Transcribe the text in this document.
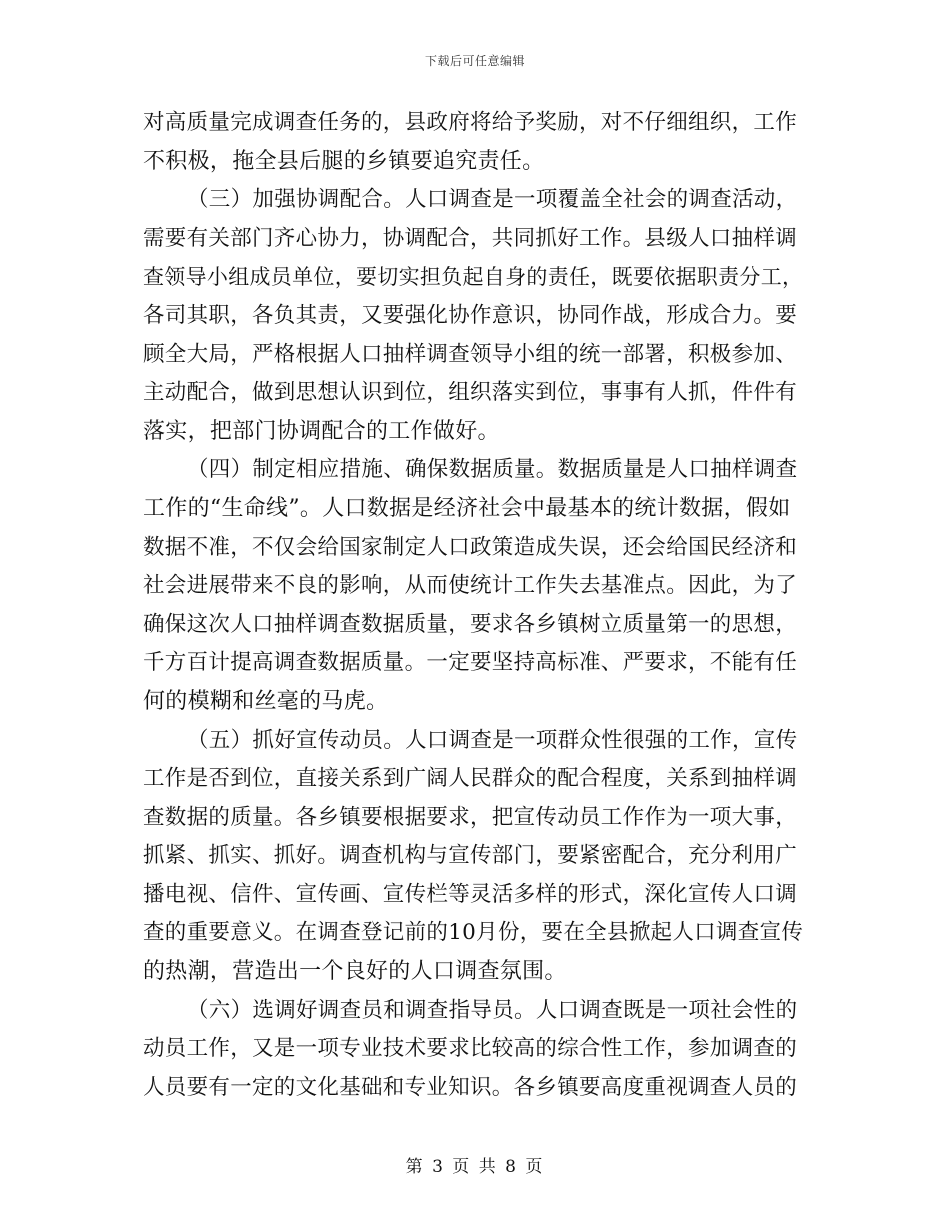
下载后可任意编辑
对高质量完成调查任务的，县政府将给予奖励，对不仔细组织，工作
不积极，拖全县后腿的乡镇要追究责任。
（三）加强协调配合。人口调查是一项覆盖全社会的调查活动，
需要有关部门齐心协力，协调配合，共同抓好工作。县级人口抽样调
查领导小组成员单位，要切实担负起自身的责任，既要依据职责分工，
各司其职，各负其责，又要强化协作意识，协同作战，形成合力。要
顾全大局，严格根据人口抽样调查领导小组的统一部署，积极参加、
主动配合，做到思想认识到位，组织落实到位，事事有人抓，件件有
落实，把部门协调配合的工作做好。
（四）制定相应措施、确保数据质量。数据质量是人口抽样调查
工作的“生命线”。人口数据是经济社会中最基本的统计数据，假如
数据不准，不仅会给国家制定人口政策造成失误，还会给国民经济和
社会进展带来不良的影响，从而使统计工作失去基准点。因此，为了
确保这次人口抽样调查数据质量，要求各乡镇树立质量第一的思想，
千方百计提高调查数据质量。一定要坚持高标准、严要求，不能有任
何的模糊和丝毫的马虎。
（五）抓好宣传动员。人口调查是一项群众性很强的工作，宣传
工作是否到位，直接关系到广阔人民群众的配合程度，关系到抽样调
查数据的质量。各乡镇要根据要求，把宣传动员工作作为一项大事，
抓紧、抓实、抓好。调查机构与宣传部门，要紧密配合，充分利用广
播电视、信件、宣传画、宣传栏等灵活多样的形式，深化宣传人口调
查的重要意义。在调查登记前的10月份，要在全县掀起人口调查宣传
的热潮，营造出一个良好的人口调查氛围。
（六）选调好调查员和调查指导员。人口调查既是一项社会性的
动员工作，又是一项专业技术要求比较高的综合性工作，参加调查的
人员要有一定的文化基础和专业知识。各乡镇要高度重视调查人员的
第 3 页 共 8 页
